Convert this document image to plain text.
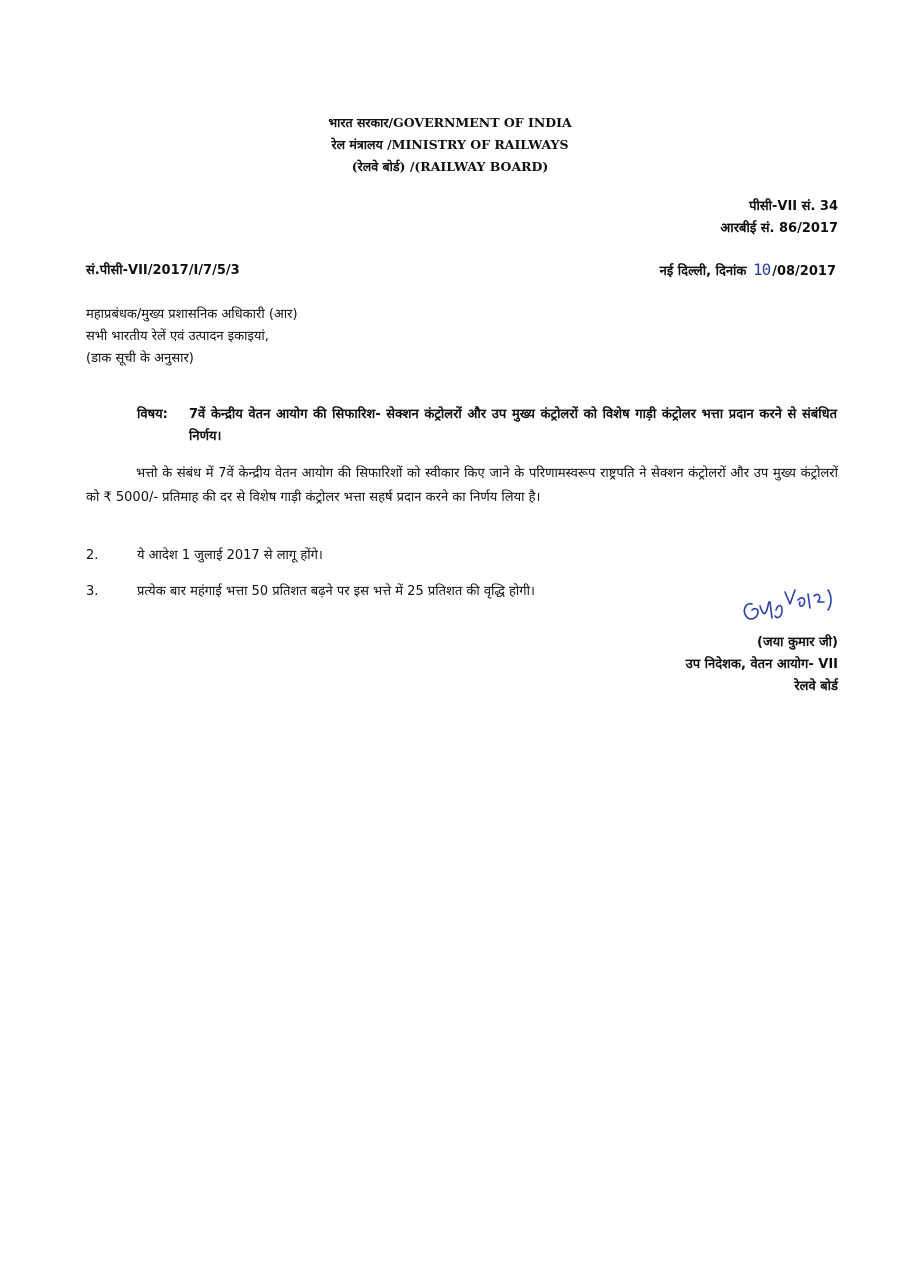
भारत सरकार/GOVERNMENT OF INDIA
रेल मंत्रालय /MINISTRY OF RAILWAYS
(रेलवे बोर्ड) /(RAILWAY BOARD)
पीसी-VII सं. 34
आरबीई सं. 86/2017
सं.पीसी-VII/2017/I/7/5/3	नई दिल्ली, दिनांक 10 /08/2017
महाप्रबंधक/मुख्य प्रशासनिक अधिकारी (आर)
सभी भारतीय रेलें एवं उत्पादन इकाइयां,
(डाक सूची के अनुसार)
विषय: 7वें केन्द्रीय वेतन आयोग की सिफारिश- सेक्शन कंट्रोलरों और उप मुख्य कंट्रोलरों को विशेष गाड़ी कंट्रोलर भत्ता प्रदान करने से संबंधित निर्णय।
भत्तो के संबंध में 7वें केन्द्रीय वेतन आयोग की सिफारिशों को स्वीकार किए जाने के परिणामस्वरूप राष्ट्रपति ने सेक्शन कंट्रोलरों और उप मुख्य कंट्रोलरों को ₹ 5000/- प्रतिमाह की दर से विशेष गाड़ी कंट्रोलर भत्ता सहर्ष प्रदान करने का निर्णय लिया है।
2.	ये आदेश 1 जुलाई 2017 से लागू होंगे।
3.	प्रत्येक बार महंगाई भत्ता 50 प्रतिशत बढ़ने पर इस भत्ते में 25 प्रतिशत की वृद्धि होगी।
(जया कुमार जी)
उप निदेशक, वेतन आयोग- VII
रेलवे बोर्ड
